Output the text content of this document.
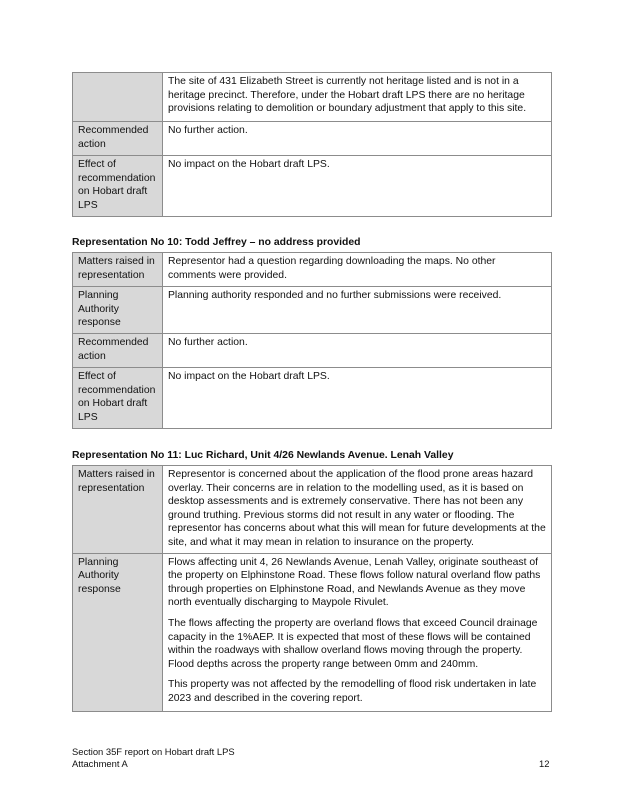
	The site of 431 Elizabeth Street is currently not heritage listed and is not in a heritage precinct. Therefore, under the Hobart draft LPS there are no heritage provisions relating to demolition or boundary adjustment that apply to this site.

Recommended action	No further action.

Effect of recommendation on Hobart draft LPS	No impact on the Hobart draft LPS.

Representation No 10: Todd Jeffrey – no address provided

Matters raised in representation	Representor had a question regarding downloading the maps. No other comments were provided.

Planning Authority response	Planning authority responded and no further submissions were received.

Recommended action	No further action.

Effect of recommendation on Hobart draft LPS	No impact on the Hobart draft LPS.

Representation No 11: Luc Richard, Unit 4/26 Newlands Avenue. Lenah Valley

Matters raised in representation	Representor is concerned about the application of the flood prone areas hazard overlay. Their concerns are in relation to the modelling used, as it is based on desktop assessments and is extremely conservative. There has not been any ground truthing. Previous storms did not result in any water or flooding. The representor has concerns about what this will mean for future developments at the site, and what it may mean in relation to insurance on the property.

Planning Authority response	Flows affecting unit 4, 26 Newlands Avenue, Lenah Valley, originate southeast of the property on Elphinstone Road. These flows follow natural overland flow paths through properties on Elphinstone Road, and Newlands Avenue as they move north eventually discharging to Maypole Rivulet.

The flows affecting the property are overland flows that exceed Council drainage capacity in the 1%AEP. It is expected that most of these flows will be contained within the roadways with shallow overland flows moving through the property. Flood depths across the property range between 0mm and 240mm.

This property was not affected by the remodelling of flood risk undertaken in late 2023 and described in the covering report.

Section 35F report on Hobart draft LPS
Attachment A	12
